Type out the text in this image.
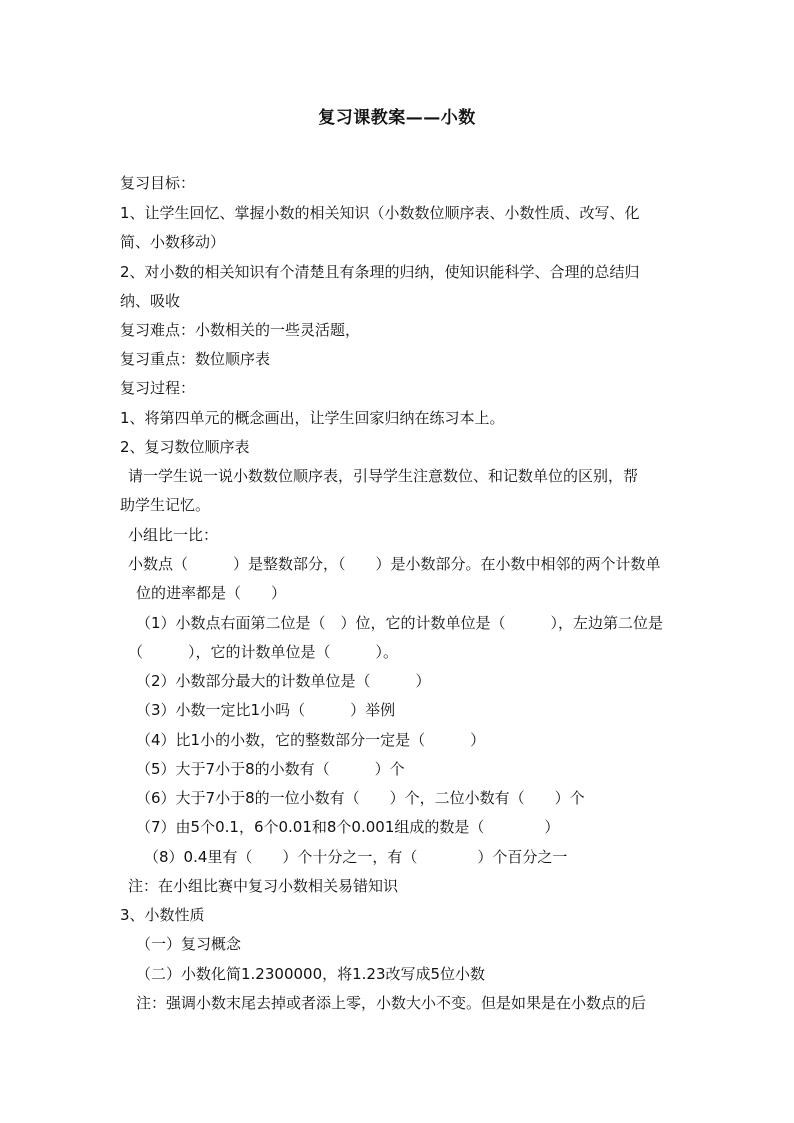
复习课教案——小数
复习目标：
1、让学生回忆、掌握小数的相关知识（小数数位顺序表、小数性质、改写、化
简、小数移动）
2、对小数的相关知识有个清楚且有条理的归纳，使知识能科学、合理的总结归
纳、吸收
复习难点：小数相关的一些灵活题，
复习重点：数位顺序表
复习过程：
1、将第四单元的概念画出，让学生回家归纳在练习本上。
2、复习数位顺序表
请一学生说一说小数数位顺序表，引导学生注意数位、和记数单位的区别，帮
助学生记忆。
小组比一比：
小数点（　　　）是整数部分，（　　）是小数部分。在小数中相邻的两个计数单
位的进率都是（　　）
（1）小数点右面第二位是（　）位，它的计数单位是（　　　），左边第二位是
（　　　），它的计数单位是（　　　）。
（2）小数部分最大的计数单位是（　　　）
（3）小数一定比1小吗（　　　）举例
（4）比1小的小数，它的整数部分一定是（　　　）
（5）大于7小于8的小数有（　　　）个
（6）大于7小于8的一位小数有（　　）个，二位小数有（　　）个
（7）由5个0.1，6个0.01和8个0.001组成的数是（　　　　）
（8）0.4里有（　　）个十分之一，有（　　　　）个百分之一
注：在小组比赛中复习小数相关易错知识
3、小数性质
（一）复习概念
（二）小数化简1.2300000，将1.23改写成5位小数
注：强调小数末尾去掉或者添上零，小数大小不变。但是如果是在小数点的后
